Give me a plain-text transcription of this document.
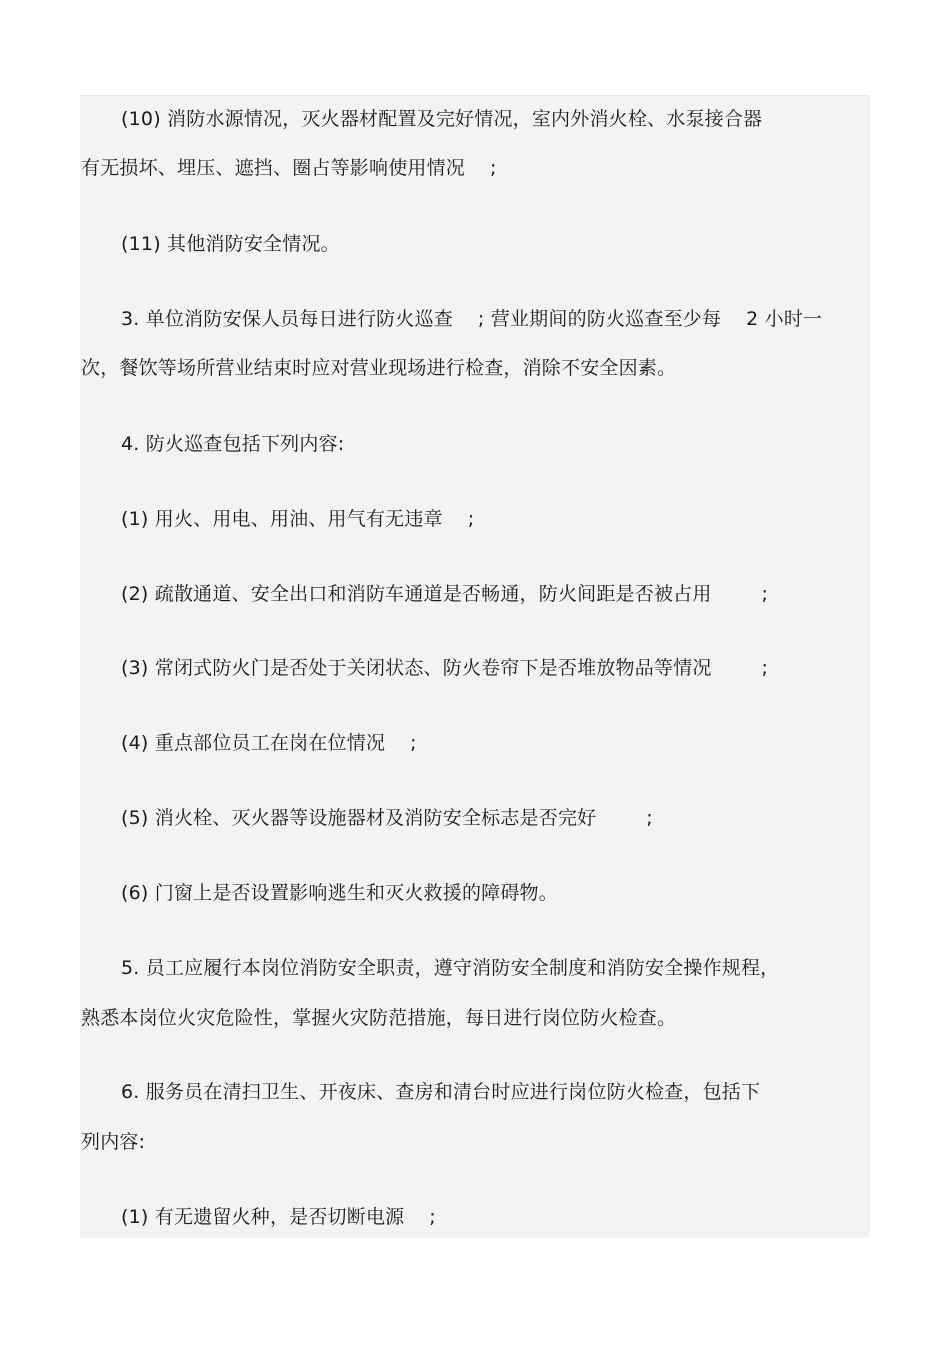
(10) 消防水源情况，灭火器材配置及完好情况，室内外消火栓、水泵接合器

有无损坏、埋压、遮挡、圈占等影响使用情况    ;

(11) 其他消防安全情况。

3. 单位消防安保人员每日进行防火巡查    ; 营业期间的防火巡查至少每    2 小时一

次，餐饮等场所营业结束时应对营业现场进行检查，消除不安全因素。

4. 防火巡查包括下列内容:

(1) 用火、用电、用油、用气有无违章    ;

(2) 疏散通道、安全出口和消防车通道是否畅通，防火间距是否被占用        ;

(3) 常闭式防火门是否处于关闭状态、防火卷帘下是否堆放物品等情况        ;

(4) 重点部位员工在岗在位情况    ;

(5) 消火栓、灭火器等设施器材及消防安全标志是否完好        ;

(6) 门窗上是否设置影响逃生和灭火救援的障碍物。

5. 员工应履行本岗位消防安全职责，遵守消防安全制度和消防安全操作规程，

熟悉本岗位火灾危险性，掌握火灾防范措施，每日进行岗位防火检查。

6. 服务员在清扫卫生、开夜床、查房和清台时应进行岗位防火检查，包括下

列内容:

(1) 有无遗留火种，是否切断电源    ;
